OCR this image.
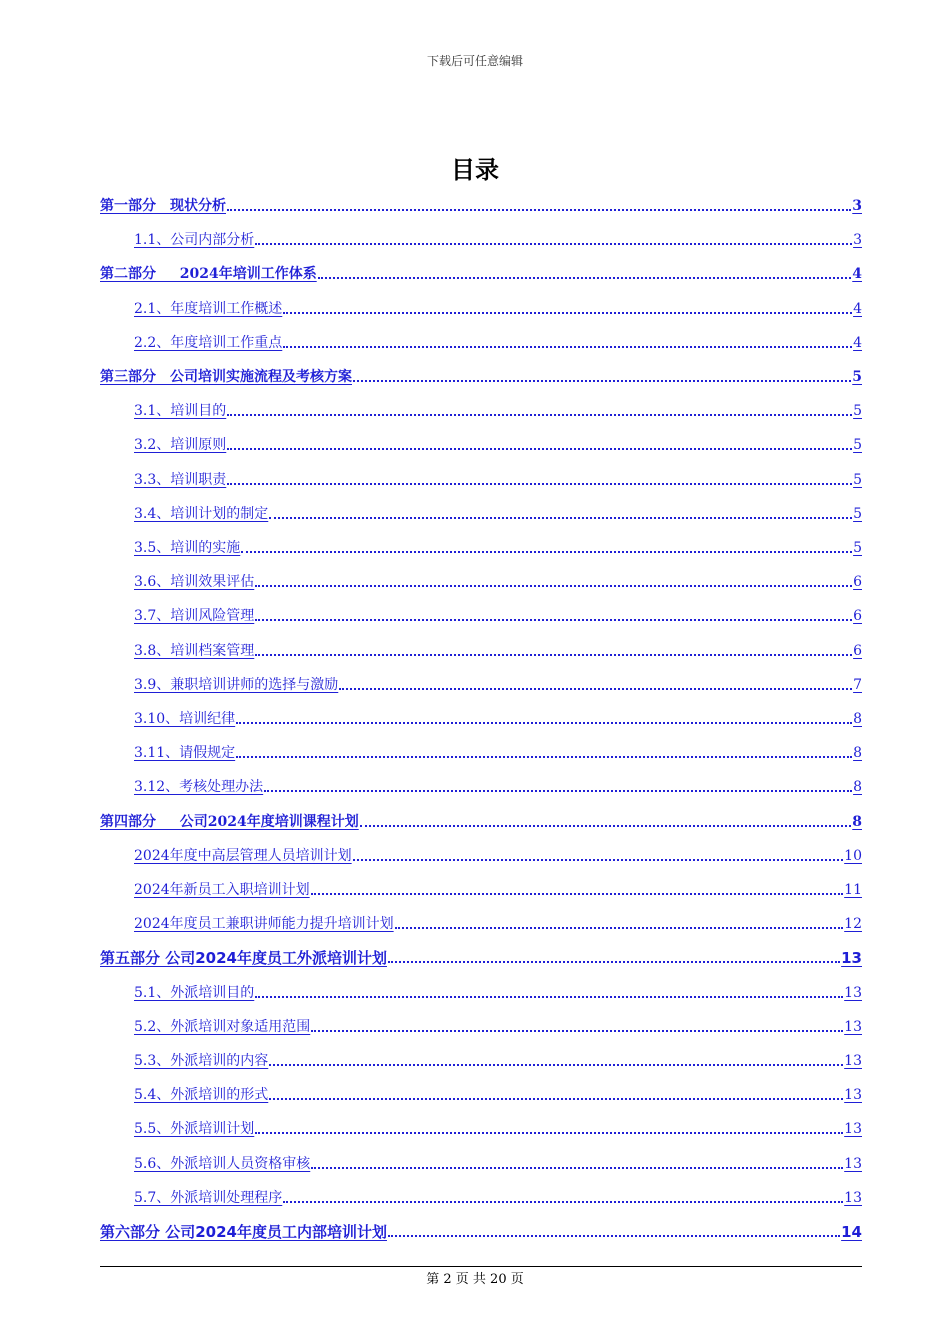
下载后可任意编辑
目录
第一部分　现状分析	3
1.1、公司内部分析	3
第二部分　  2024年培训工作体系	4
2.1、年度培训工作概述	4
2.2、年度培训工作重点	4
第三部分　公司培训实施流程及考核方案	5
3.1、培训目的	5
3.2、培训原则	5
3.3、培训职责	5
3.4、培训计划的制定	5
3.5、培训的实施	5
3.6、培训效果评估	6
3.7、培训风险管理	6
3.8、培训档案管理	6
3.9、兼职培训讲师的选择与激励	7
3.10、培训纪律	8
3.11、请假规定	8
3.12、考核处理办法	8
第四部分　  公司2024年度培训课程计划	8
2024年度中高层管理人员培训计划	10
2024年新员工入职培训计划	11
2024年度员工兼职讲师能力提升培训计划	12
第五部分 公司2024年度员工外派培训计划	13
5.1、外派培训目的	13
5.2、外派培训对象适用范围	13
5.3、外派培训的内容	13
5.4、外派培训的形式	13
5.5、外派培训计划	13
5.6、外派培训人员资格审核	13
5.7、外派培训处理程序	13
第六部分 公司2024年度员工内部培训计划	14
第 2 页 共 20 页
